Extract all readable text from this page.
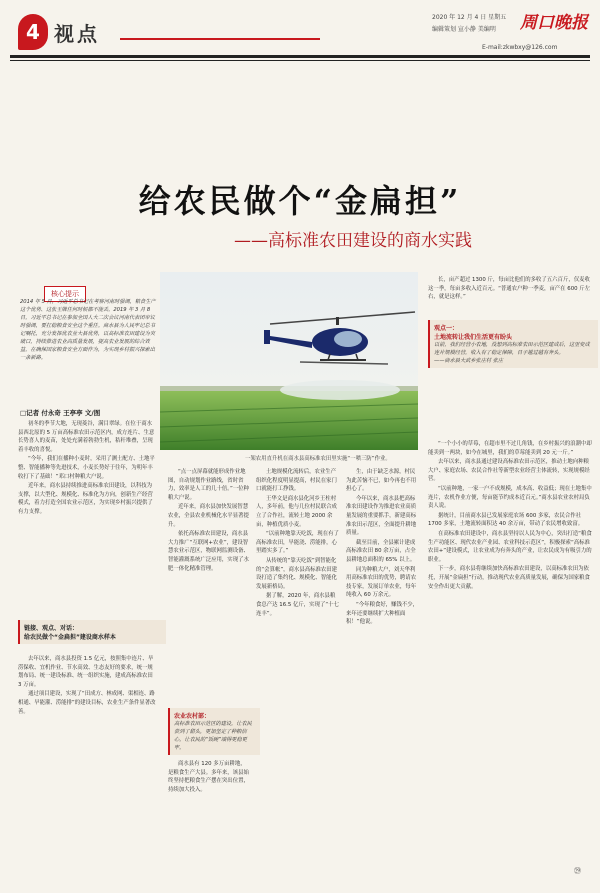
4 视点
2020 年 12 月 4 日 星期五
编辑策划 宣小静 美编明 周口晚报
E-mail:zkwbxy@126.com
给农民做个“金扁担”
——高标准农田建设的商水实践
核心提示
2014 年 5 月，习近平总书记在考察河南时强调，粮食生产这个优势、这张王牌任何时候都不能丢。2019 年 3 月 8 日，习近平总书记在参加全国人大二次会议河南代表团审议时强调，要扛稳粮食安全这个重任。商水县为人民牢记总书记嘱托，充分发挥优农业大县优势，以高标准农田建设为突破口，持续推进农业高质量发展，提高农业发展的综合效益，在确保国家粮食安全方面作为，为实现乡村振兴探索出一条新路。
□记者 付永奇 王亭亭 文/图

初冬的季节大地，无现菱谷，满目翠绿。在位于商水县西北原的 5 万亩高标准农田示范区内，成方连片、生意长势喜人的麦苗，处处充满着勃勃生机，秸秆堆叠，呈现着丰收的喜悦。

“今年，我们在播种小麦时，采用了测土配方、土地平整、智能播种等先进技术，小麦长势好于往年，为明年丰收打下了基础！”邓口村种粮大户说。

近年来，商水县持续推进高标准农田建设，以科技为支撑，以大型化、规模化、标准化为方向，创新生产经营模式，着力打造全国农业示范区，为实现乡村振兴提供了有力支撑。

链接、观点、对话：
给农民做个“金扁担”建设商水样本

去年以来，商水县投资 1.5 亿元，按照集中连片、旱涝保收、宜机作业、节水高效、生态友好的要求，统一规划布局、统一建设标准、统一组织实施，建成高标准农田 3 万亩。

通过项目建设，实现了“田成方、林成网、渠相连、路相通、旱能灌、涝能排”的建设目标，农业生产条件显著改善。

一架农用直升机在商水县高标准农田里实施“一喷三防”作业。

“点一点屏幕就能形成作业地图，自动规划作业路线，省时省力，效率是人工的几十倍。”一位种粮大户说。

近年来，商水县加快发展智慧农业，全县农业机械化水平显著提升。

依托高标准农田建设，商水县大力推广“互联网+农业”，建设智慧农业示范区，物联网监测设备、智能灌溉系统广泛应用，实现了水肥一体化精准管理。

农业农村部：
高标准农田示范区的建设，让农民尝到了甜头，更加坚定了种粮信心，让农民的“饭碗”端得更稳更牢。

商水县有 120 多万亩耕地，是粮食生产大县。多年来，该县始终坚持把粮食生产摆在突出位置，持续加大投入。

土地规模化流转后，农业生产组织化程度明显提高，村民在家门口就能打工挣钱。

王华文是商水县化河乡王柱村人，多年前，他与几位村民联合成立了合作社，流转土地 2000 余亩，种植优质小麦。

“以前种地靠天吃饭，现在有了高标准农田，旱能浇、涝能排，心里踏实多了。”

从传统的“靠天吃饭”到智能化的“会算帐”，商水县高标准农田建设打造了集约化、规模化、智能化发展新格局。

据了解，2020 年，商水县粮食总产达 16.5 亿斤，实现了“十七连丰”。

生，由于缺乏水源，村民为此苦恼不已，如今再也不用担心了。

今年以来，商水县把高标准农田建设作为推进农业高质量发展的重要抓手，新建高标准农田示范区，全面提升耕地质量。

截至目前，全县累计建成高标准农田 80 余万亩，占全县耕地总面积的 65% 以上。

同为种粮大户，刘天华利用高标准农田的优势，聘请农技专家，发展订单农业，每年纯收入 60 万余元。

“今年粮食好，赚钱不少，来年还要继续扩大种植面积！”他说。

长，亩产超过 1300 斤，每亩比他们的多收了五六百斤，仅麦收这一季，每亩多收入近百元。“普通农户种一季麦，亩产在 600 斤左右，就是这样。”

观点一：
土地流转让我们生活更有盼头
以前，我们经营小农地，没想到高标准农田示范区建成后，这里变成连片规模经营，收入有了稳定保障，日子越过越有奔头。
——商水县大武乡张庄村 张庄

“一个小小的草莓，在超市里不过几角钱，在乡村振兴的浪潮中却能卖到一两块，如今在城里，我们的草莓能卖到 20 元一斤。”

去年以来，商水县通过建设高标准农田示范区，推动土地向种粮大户、家庭农场、农民合作社等新型农业经营主体流转，实现规模经营。

“以前种地，一家一户不成规模，成本高、收益低；现在土地集中连片，农机作业方便，每亩能节约成本近百元。”商水县农业农村局负责人说。

据统计，目前商水县已发展家庭农场 600 多家，农民合作社 1700 多家，土地流转面积达 40 余万亩，带动了农民增收致富。

在高标准农田建设中，商水县坚持以人民为中心，突出打造“粮食生产功能区、现代农业产业园、农业科技示范区”，积极探索“高标准农田+”建设模式，让农业成为有奔头的产业，让农民成为有吸引力的职业。

下一步，商水县将继续加快高标准农田建设，以高标准农田为依托，开展“金扁担”行动，推动现代农业高质量发展，确保为国家粮食安全作出更大贡献。

㉙
